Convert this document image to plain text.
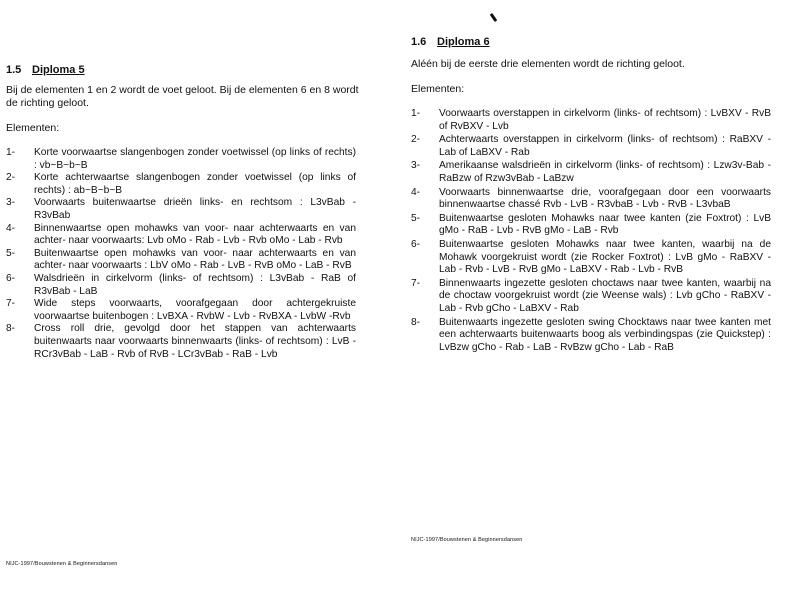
1.5 Diploma 5
Bij de elementen 1 en 2 wordt de voet geloot. Bij de elementen 6 en 8 wordt de richting geloot.
Elementen:
1-	Korte voorwaartse slangenbogen zonder voetwissel (op links of rechts) : vb~B~b~B
2-	Korte achterwaartse slangenbogen zonder voetwissel (op links of rechts) : ab~B~b~B
3-	Voorwaarts buitenwaartse drieën links- en rechtsom : L3vBab - R3vBab
4-	Binnenwaartse open mohawks van voor- naar achterwaarts en van achter- naar voorwaarts: Lvb oMo - Rab - Lvb - Rvb oMo - Lab - Rvb
5-	Buitenwaartse open mohawks van voor- naar achterwaarts en van achter- naar voorwaarts : LbV oMo - Rab - LvB - RvB oMo - LaB - RvB
6-	Walsdrieën in cirkelvorm (links- of rechtsom) : L3vBab - RaB of R3vBab - LaB
7-	Wide steps voorwaarts, voorafgegaan door achtergekruiste voorwaartse buitenbogen : LvBXA - RvbW - Lvb - RvBXA - LvbW -Rvb
8-	Cross roll drie, gevolgd door het stappen van achterwaarts buitenwaarts naar voorwaarts binnenwaarts (links- of rechtsom) : LvB - RCr3vBab - LaB - Rvb of RvB - LCr3vBab - RaB - Lvb
NIJC-1997/Bouwstenen & Beginnersdansen
1.6 Diploma 6
Aléén bij de eerste drie elementen wordt de richting geloot.
Elementen:
1-	Voorwaarts overstappen in cirkelvorm (links- of rechtsom) : LvBXV - RvB of RvBXV - Lvb
2-	Achterwaarts overstappen in cirkelvorm (links- of rechtsom) : RaBXV - Lab of LaBXV - Rab
3-	Amerikaanse walsdrieën in cirkelvorm (links- of rechtsom) : Lzw3v-Bab - RaBzw of Rzw3vBab - LaBzw
4-	Voorwaarts binnenwaartse drie, voorafgegaan door een voorwaarts binnenwaartse chassé Rvb - LvB - R3vbaB - Lvb - RvB - L3vbaB
5-	Buitenwaartse gesloten Mohawks naar twee kanten (zie Foxtrot) : LvB gMo - RaB - Lvb - RvB gMo - LaB - Rvb
6-	Buitenwaartse gesloten Mohawks naar twee kanten, waarbij na de Mohawk voorgekruist wordt (zie Rocker Foxtrot) : LvB gMo - RaBXV - Lab - Rvb - LvB - RvB gMo - LaBXV - Rab - Lvb - RvB
7-	Binnenwaarts ingezette gesloten choctaws naar twee kanten, waarbij na de choctaw voorgekruist wordt (zie Weense wals) : Lvb gCho - RaBXV - Lab - Rvb gCho - LaBXV - Rab
8-	Buitenwaarts ingezette gesloten swing Chocktaws naar twee kanten met een achterwaarts buitenwaarts boog als verbindingspas (zie Quickstep) : LvBzw gCho - Rab - LaB - RvBzw gCho - Lab - RaB
NIJC-1997/Bouwstenen & Beginnersdansen
